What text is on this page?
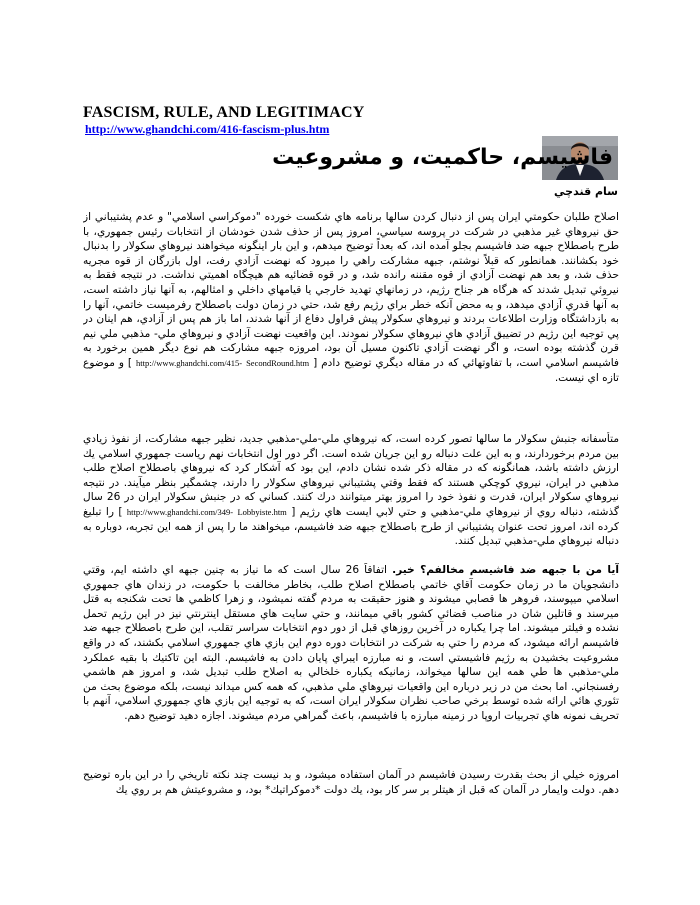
FASCISM, RULE, AND LEGITIMACY
http://www.ghandchi.com/416-fascism-plus.htm
فاشيسم، حاكميت، و مشروعيت
سام قندچي

اصلاح طلبان حكومتي ايران پس از دنبال كردن سالها برنامه هاي شكست خورده "دموكراسي اسلامي" و عدم پشتيباني از حق نيروهاي غير مذهبي در شركت در پروسه سياسي، امروز پس از حذف شدن خودشان از انتخابات رئيس جمهوري، با طرح باصطلاح جبهه ضد فاشيسم بجلو آمده اند، كه بعداً توضيح ميدهم، و اين بار اينگونه ميخواهند نيروهاي سكولار را بدنبال خود بكشانند. همانطور كه قبلاً نوشتم، جبهه مشاركت راهي را ميرود كه نهضت آزادي رفت، اول بازرگان از قوه مجريه حذف شد، و بعد هم نهضت آزادي از قوه مقننه رانده شد، و در قوه قضائيه هم هيچگاه اهميتي نداشت. در نتيجه فقط به نيروئي تبديل شدند كه هرگاه هر جناح رژيم، در زمانهاي تهديد خارجي يا قيامهاي داخلي و امثالهم، به آنها نياز داشته است، به آنها قدري آزادي ميدهد، و به محض آنكه خطر براي رژيم رفع شد، حتي در زمان دولت باصطلاح رفرميست خاتمي، آنها را به بازداشتگاه وزارت اطلاعات بردند و نيروهاي سكولار پيش قراول دفاع از آنها شدند، اما باز هم پس از آزادي، هم اينان در پي توجيه اين رژيم در تضييق آزادي هاي نيروهاي سكولار نمودند. اين واقعيت نهضت آزادي و نيروهاي ملي- مذهبي ملي نيم قرن گذشته بوده است، و اگر نهضت آزادي تاكنون مسيل آن بود، امروزه جبهه مشاركت هم نوع ديگر همين برخورد به فاشيسم اسلامي است، با تفاوتهائي كه در مقاله ديگري توضيح دادم [ http://www.ghandchi.com/415- SecondRound.htm ] و موضوع تازه اي نيست.

متأسفانه جنبش سكولار ما سالها تصور كرده است، كه نيروهاي ملي-ملي-مذهبي جديد، نظير جبهه مشاركت، از نفوذ زيادي بين مردم برخوردارند، و به اين علت دنباله رو اين جريان شده است. اگر دور اول انتخابات نهم رياست جمهوري اسلامي يك ارزش داشته باشد، همانگونه كه در مقاله ذكر شده نشان دادم، اين بود كه آشكار كرد كه نيروهاي باصطلاح اصلاح طلب مذهبي در ايران، نيروي كوچكي هستند كه فقط وقتي پشتيباني نيروهاي سكولار را دارند، چشمگير بنظر ميآيند. در نتيجه نيروهاي سكولار ايران، قدرت و نفوذ خود را امروز بهتر ميتوانند درك كنند. كساني كه در جنبش سكولار ايران در 26 سال گذشته، دنباله روي از نيروهاي ملي-مذهبي و حتي لابي ايست هاي رژيم [ http://www.ghandchi.com/349- Lobbyiste.htm ] را تبليغ كرده اند، امروز تحت عنوان پشتيباني از طرح باصطلاح جبهه ضد فاشيسم، ميخواهند ما را پس از همه اين تجربه، دوباره به دنباله نيروهاي ملي-مذهبي تبديل كنند.

آيا من با جبهه ضد فاشيسم مخالفم؟ خير. اتفاقاً 26 سال است كه ما نياز به چنين جبهه اي داشته ايم، وقتي دانشجويان ما در زمان حكومت آقاي خاتمي باصطلاح اصلاح طلب، بخاطر مخالفت با حكومت، در زندان هاي جمهوري اسلامي ميپوسند، فروهر ها قصابي ميشوند و هنوز حقيقت به مردم گفته نميشود، و زهرا كاظمي ها تحت شكنجه به قتل ميرسند و قاتلين شان در مناصب قضائي كشور باقي ميمانند، و حتي سايت هاي مستقل اينترنتي نيز در اين رژيم تحمل نشده و فيلتر ميشوند. اما چرا يكباره در آخرين روزهاي قبل از دور دوم انتخابات سراسر تقلب، اين طرح باصطلاح جبهه ضد فاشيسم ارائه ميشود، كه مردم را حتي به شركت در انتخابات دوره دوم اين بازي هاي جمهوري اسلامي بكشند، كه در واقع مشروعيت بخشيدن به رژيم فاشيستي است، و نه مبارزه ايبراي پايان دادن به فاشيسم. البته اين تاكتيك با بقيه عملكرد ملي-مذهبي ها طي همه اين سالها ميخواند، زمانيكه يكباره خلخالي به اصلاح طلب تبديل شد، و امروز هم هاشمي رفسنجاني. اما بحث من در زير درباره اين واقعيات نيروهاي ملي مذهبي، كه همه كس ميداند نيست، بلكه موضوع بحث من تئوري هائي ارائه شده توسط برخي صاحب نظران سكولار ايران است، كه به توجيه اين بازي هاي جمهوري اسلامي، آنهم با تحريف نمونه هاي تجربيات اروپا در زمينه مبارزه با فاشيسم، باعث گمراهي مردم ميشوند. اجازه دهيد توضيح دهم.

امروزه خيلي از بحث بقدرت رسيدن فاشيسم در آلمان استفاده ميشود، و بد نيست چند نكته تاريخي را در اين باره توضيح دهم. دولت وايمار در آلمان كه قبل از هيتلر بر سر كار بود، يك دولت *دموكراتيك* بود، و مشروعيتش هم بر روي يك
